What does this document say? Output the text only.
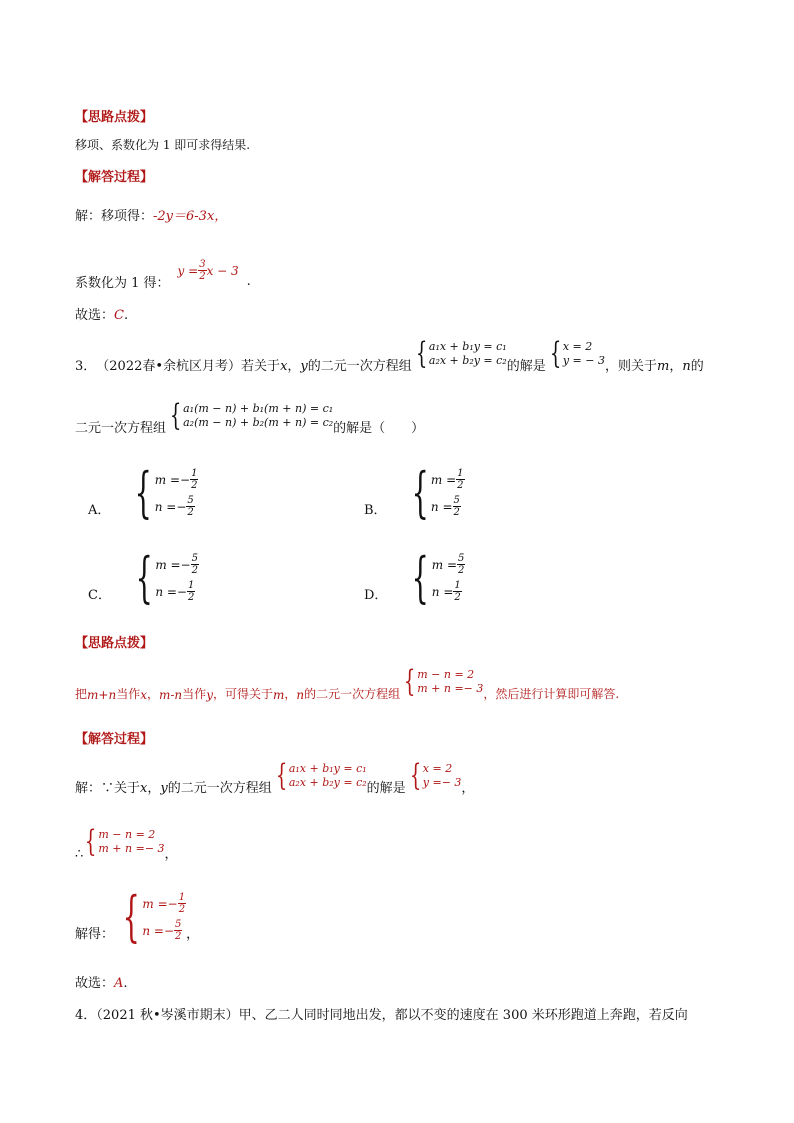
【思路点拨】
移项、系数化为 1 即可求得结果.
【解答过程】
解：移项得：-2y＝6-3x，
系数化为 1 得：
$y = \frac{3}{2}$ x − 3
.
故选：C.
3． （2022春•余杭区月考） 若关于 x ， y 的二元一次方程组 { a₁x + b₁y = c₁
a₂x + b₂y = c₂ 的解是 { x = 2
y = − 3 ，则关于 m ， n 的
二元一次方程组 { a₁(m − n) + b₁(m + n) = c₁
a₂(m − n) + b₂(m + n) = c₂ 的解是（　　）
A． { $m =- \frac{1}{2}$
$n =- \frac{5}{2}$	B． { $m = \frac{1}{2}$
$n = \frac{5}{2}$
C． { $m =- \frac{5}{2}$
$n =- \frac{1}{2}$	D． { $m = \frac{5}{2}$
$n = \frac{1}{2}$
【思路点拨】
把 m+n 当作 x ， m-n 当作 y ，可得关于 m ， n 的二元一次方程组 { m − n = 2
m + n =− 3 ，然后进行计算即可解答.
【解答过程】
解：∵关于 x ， y 的二元一次方程组 { a₁x + b₁y = c₁
a₂x + b₂y = c₂ 的解是 { x = 2
y =− 3 ，
∴ { m − n = 2
m + n =− 3 ，
解得： { $m =- \frac{1}{2}$
$n =- \frac{5}{2}$ ，
故选：A.
4．（2021 秋•岑溪市期末）甲、乙二人同时同地出发，都以不变的速度在 300 米环形跑道上奔跑，若反向
